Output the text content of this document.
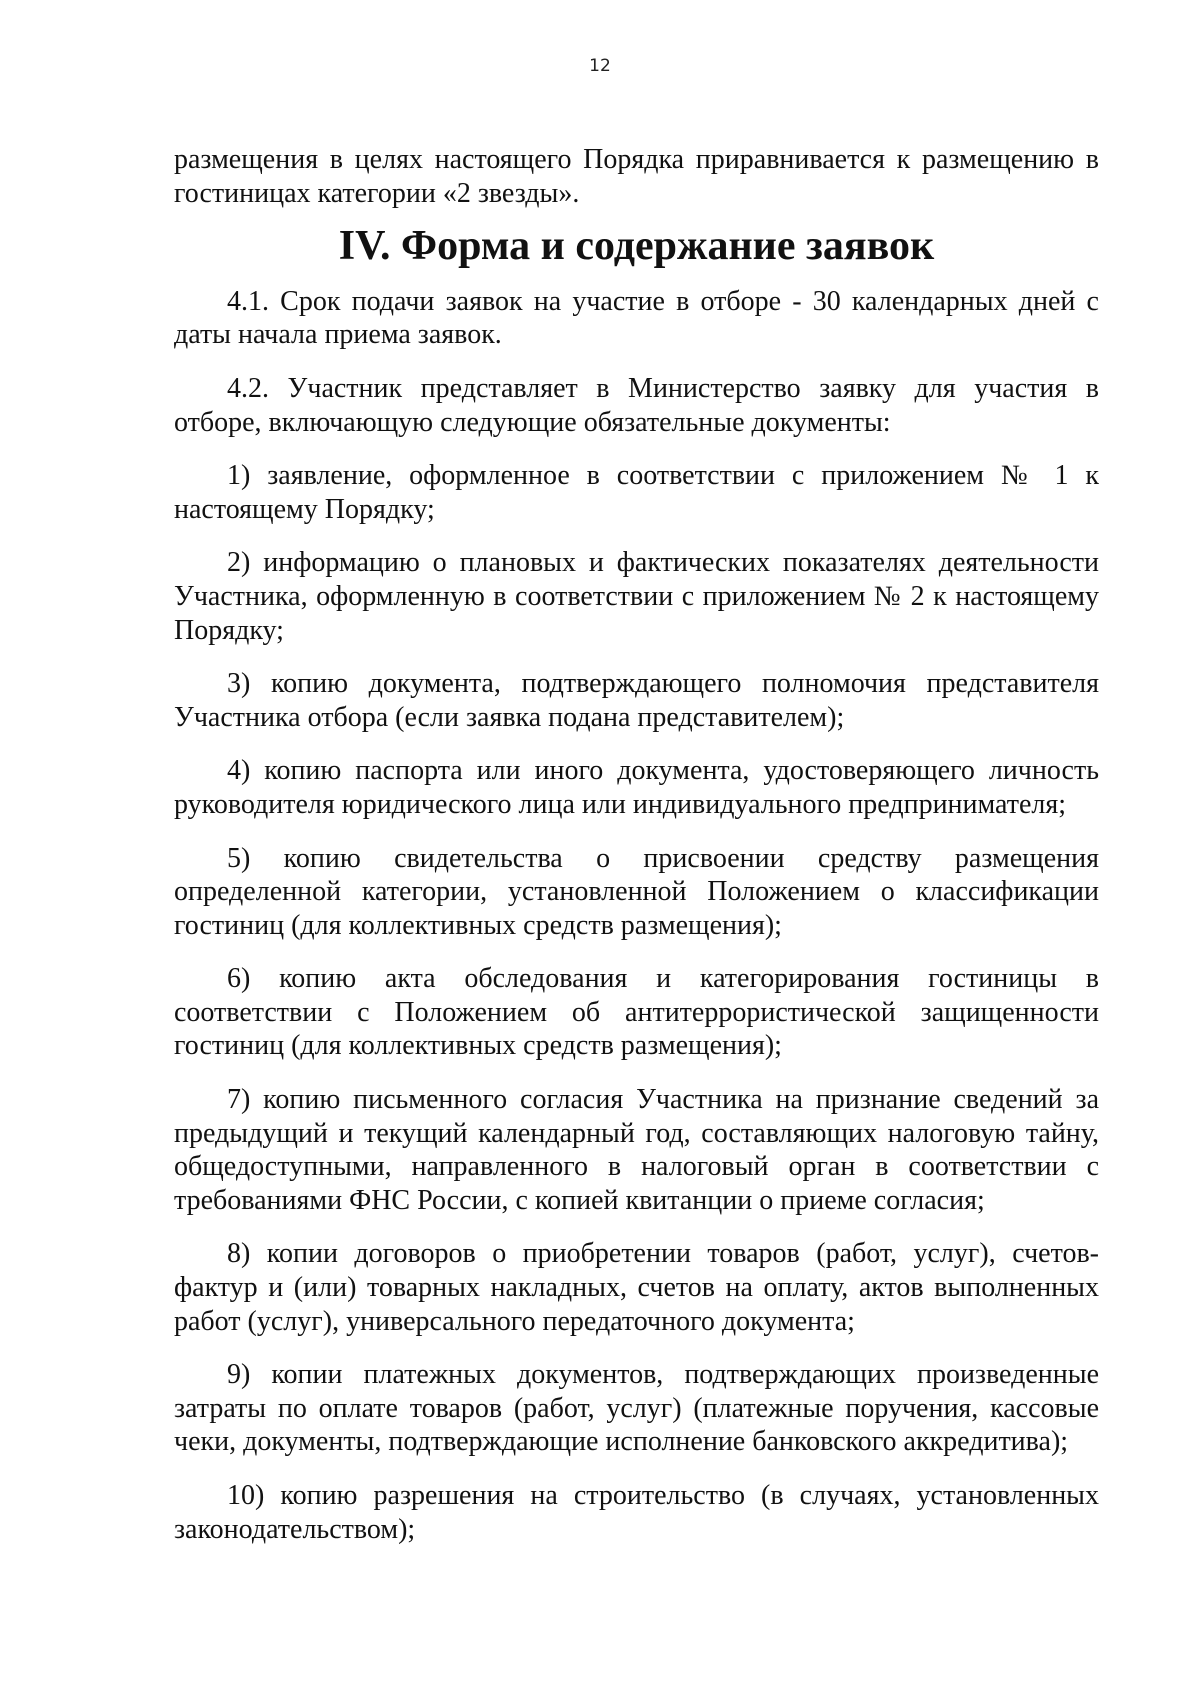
12

размещения в целях настоящего Порядка приравнивается к размещению в гостиницах категории «2 звезды».

IV. Форма и содержание заявок

4.1. Срок подачи заявок на участие в отборе - 30 календарных дней с даты начала приема заявок.

4.2. Участник представляет в Министерство заявку для участия в отборе, включающую следующие обязательные документы:

1) заявление, оформленное в соответствии с приложением № 1 к настоящему Порядку;

2) информацию о плановых и фактических показателях деятельности Участника, оформленную в соответствии с приложением № 2 к настоящему Порядку;

3) копию документа, подтверждающего полномочия представителя Участника отбора (если заявка подана представителем);

4) копию паспорта или иного документа, удостоверяющего личность руководителя юридического лица или индивидуального предпринимателя;

5) копию свидетельства о присвоении средству размещения определенной категории, установленной Положением о классификации гостиниц (для коллективных средств размещения);

6) копию акта обследования и категорирования гостиницы в соответствии с Положением об антитеррористической защищенности гостиниц (для коллективных средств размещения);

7) копию письменного согласия Участника на признание сведений за предыдущий и текущий календарный год, составляющих налоговую тайну, общедоступными, направленного в налоговый орган в соответствии с требованиями ФНС России, с копией квитанции о приеме согласия;

8) копии договоров о приобретении товаров (работ, услуг), счетов-фактур и (или) товарных накладных, счетов на оплату, актов выполненных работ (услуг), универсального передаточного документа;

9) копии платежных документов, подтверждающих произведенные затраты по оплате товаров (работ, услуг) (платежные поручения, кассовые чеки, документы, подтверждающие исполнение банковского аккредитива);

10) копию разрешения на строительство (в случаях, установленных законодательством);
